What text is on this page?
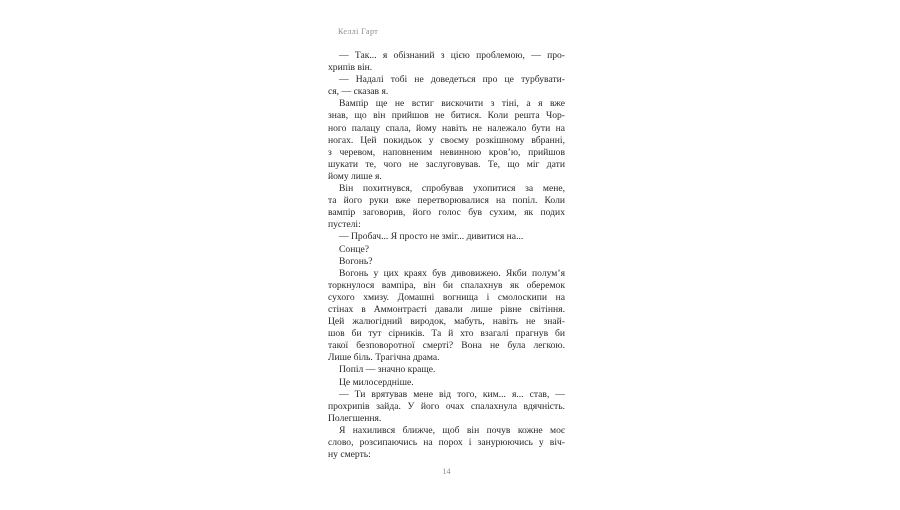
Келлі Гарт

— Так... я обізнаний з цією проблемою, — про-
хрипів він.

— Надалі тобі не доведеться про це турбувати-
ся, — сказав я.

Вампір ще не встиг вискочити з тіні, а я вже
знав, що він прийшов не битися. Коли решта Чор-
ного палацу спала, йому навіть не належало бути на
ногах. Цей покидьок у своєму розкішному вбранні,
з черевом, наповненим невинною кров’ю, прийшов
шукати те, чого не заслуговував. Те, що міг дати
йому лише я.

Він похитнувся, спробував ухопитися за мене,
та його руки вже перетворювалися на попіл. Коли
вампір заговорив, його голос був сухим, як подих
пустелі:

— Пробач... Я просто не зміг... дивитися на...

Сонце?

Вогонь?

Вогонь у цих краях був дивовижею. Якби полум’я
торкнулося вампіра, він би спалахнув як оберемок
сухого хмизу. Домашні вогнища і смолоскипи на
стінах в Аммонтраєті давали лише рівне світіння.
Цей жалюгідний виродок, мабуть, навіть не знай-
шов би тут сірників. Та й хто взагалі прагнув би
такої безповоротної смерті? Вона не була легкою.
Лише біль. Трагічна драма.

Попіл — значно краще.

Це милосердніше.

— Ти врятував мене від того, ким... я... став, —
прохрипів зайда. У його очах спалахнула вдячність.
Полегшення.

Я нахилився ближче, щоб він почув кожне моє
слово, розсипаючись на порох і занурюючись у віч-
ну смерть:

14
